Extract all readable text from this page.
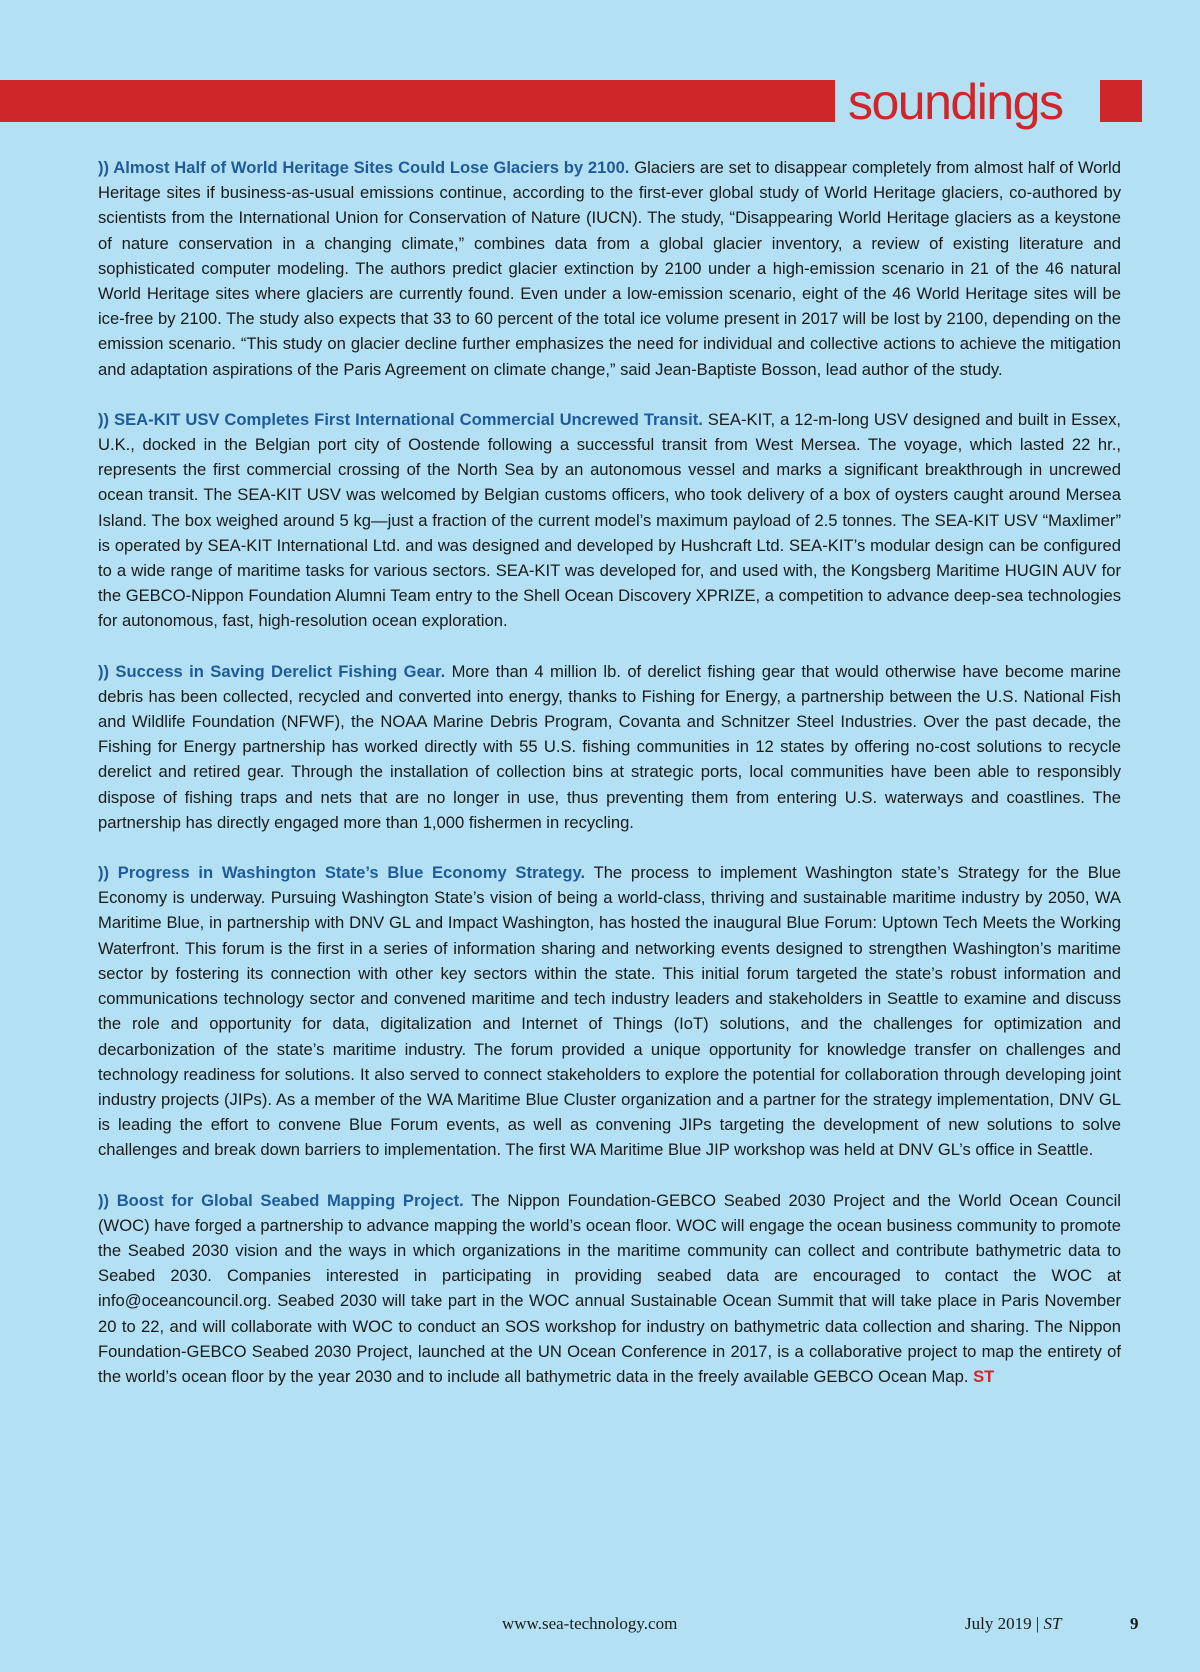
soundings

)) Almost Half of World Heritage Sites Could Lose Glaciers by 2100. Glaciers are set to disappear completely from almost half of World Heritage sites if business-as-usual emissions continue, according to the first-ever global study of World Heritage glaciers, co-authored by scientists from the International Union for Conservation of Nature (IUCN). The study, “Disappearing World Heritage glaciers as a keystone of nature conservation in a changing climate,” combines data from a global glacier inventory, a review of existing literature and sophisticated computer modeling. The authors predict glacier extinction by 2100 under a high-emission scenario in 21 of the 46 natural World Heritage sites where glaciers are currently found. Even under a low-emission scenario, eight of the 46 World Heritage sites will be ice-free by 2100. The study also expects that 33 to 60 percent of the total ice volume present in 2017 will be lost by 2100, depending on the emission scenario. “This study on glacier decline further emphasizes the need for individual and collective actions to achieve the mitigation and adaptation aspirations of the Paris Agreement on climate change,” said Jean-Baptiste Bosson, lead author of the study.

)) SEA-KIT USV Completes First International Commercial Uncrewed Transit. SEA-KIT, a 12-m-long USV designed and built in Essex, U.K., docked in the Belgian port city of Oostende following a successful transit from West Mersea. The voyage, which lasted 22 hr., represents the first commercial crossing of the North Sea by an autonomous vessel and marks a significant breakthrough in uncrewed ocean transit. The SEA-KIT USV was welcomed by Belgian customs officers, who took delivery of a box of oysters caught around Mersea Island. The box weighed around 5 kg—just a fraction of the current model’s maximum payload of 2.5 tonnes. The SEA-KIT USV “Maxlimer” is operated by SEA-KIT International Ltd. and was designed and developed by Hushcraft Ltd. SEA-KIT’s modular design can be configured to a wide range of maritime tasks for various sectors. SEA-KIT was developed for, and used with, the Kongsberg Maritime HUGIN AUV for the GEBCO-Nippon Foundation Alumni Team entry to the Shell Ocean Discovery XPRIZE, a competition to advance deep-sea technologies for autonomous, fast, high-resolution ocean exploration.

)) Success in Saving Derelict Fishing Gear. More than 4 million lb. of derelict fishing gear that would otherwise have become marine debris has been collected, recycled and converted into energy, thanks to Fishing for Energy, a partnership between the U.S. National Fish and Wildlife Foundation (NFWF), the NOAA Marine Debris Program, Covanta and Schnitzer Steel Industries. Over the past decade, the Fishing for Energy partnership has worked directly with 55 U.S. fishing communities in 12 states by offering no-cost solutions to recycle derelict and retired gear. Through the installation of collection bins at strategic ports, local communities have been able to responsibly dispose of fishing traps and nets that are no longer in use, thus preventing them from entering U.S. waterways and coastlines. The partnership has directly engaged more than 1,000 fishermen in recycling.

)) Progress in Washington State’s Blue Economy Strategy. The process to implement Washington state’s Strategy for the Blue Economy is underway. Pursuing Washington State’s vision of being a world-class, thriving and sustainable maritime industry by 2050, WA Maritime Blue, in partnership with DNV GL and Impact Washington, has hosted the inaugural Blue Forum: Uptown Tech Meets the Working Waterfront. This forum is the first in a series of information sharing and networking events designed to strengthen Washington’s maritime sector by fostering its connection with other key sectors within the state. This initial forum targeted the state’s robust information and communications technology sector and convened maritime and tech industry leaders and stakeholders in Seattle to examine and discuss the role and opportunity for data, digitalization and Internet of Things (IoT) solutions, and the challenges for optimization and decarbonization of the state’s maritime industry. The forum provided a unique opportunity for knowledge transfer on challenges and technology readiness for solutions. It also served to connect stakeholders to explore the potential for collaboration through developing joint industry projects (JIPs). As a member of the WA Maritime Blue Cluster organization and a partner for the strategy implementation, DNV GL is leading the effort to convene Blue Forum events, as well as convening JIPs targeting the development of new solutions to solve challenges and break down barriers to implementation. The first WA Maritime Blue JIP workshop was held at DNV GL’s office in Seattle.

)) Boost for Global Seabed Mapping Project. The Nippon Foundation-GEBCO Seabed 2030 Project and the World Ocean Council (WOC) have forged a partnership to advance mapping the world’s ocean floor. WOC will engage the ocean business community to promote the Seabed 2030 vision and the ways in which organizations in the maritime community can collect and contribute bathymetric data to Seabed 2030. Companies interested in participating in providing seabed data are encouraged to contact the WOC at info@oceancouncil.org. Seabed 2030 will take part in the WOC annual Sustainable Ocean Summit that will take place in Paris November 20 to 22, and will collaborate with WOC to conduct an SOS workshop for industry on bathymetric data collection and sharing. The Nippon Foundation-GEBCO Seabed 2030 Project, launched at the UN Ocean Conference in 2017, is a collaborative project to map the entirety of the world’s ocean floor by the year 2030 and to include all bathymetric data in the freely available GEBCO Ocean Map. ST

www.sea-technology.com	July 2019 | ST	9
